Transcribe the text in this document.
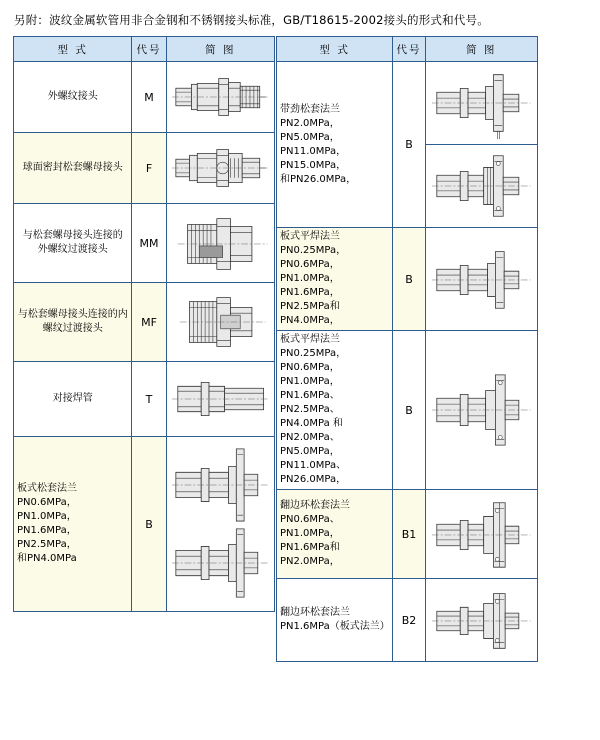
另附：波纹金属软管用非合金钢和不锈钢接头标准，GB/T18615-2002接头的形式和代号。
型 式	代号	简 图

外螺纹接头	M	

球面密封松套螺母接头	F	

与松套螺母接头连接的
外螺纹过渡接头	MM	

与松套螺母接头连接的内
螺纹过渡接头	MF	

对接焊管	T	

板式松套法兰
PN0.6MPa，PN1.0MPa，
PN1.6MPa，PN2.5MPa，
和PN4.0MPa	B	
型 式	代号	简 图

带劲松套法兰
PN2.0MPa，PN5.0MPa，
PN11.0MPa，PN15.0MPa，
和PN26.0MPa，	B	

板式平焊法兰
PN0.25MPa，PN0.6MPa，
PN1.0MPa，PN1.6MPa，
PN2.5MPa和PN4.0MPa，	B	

板式平焊法兰
PN0.25MPa，PN0.6MPa，
PN1.0MPa，PN1.6MPa、
PN2.5MPa、PN4.0MPa 和
PN2.0MPa、PN5.0MPa，
PN11.0MPa、PN26.0MPa，
	B	

翻边环松套法兰
PN0.6MPa、PN1.0MPa，
PN1.6MPa和PN2.0MPa，	B1	

翻边环松套法兰
PN1.6MPa（板式法兰）	B2	
